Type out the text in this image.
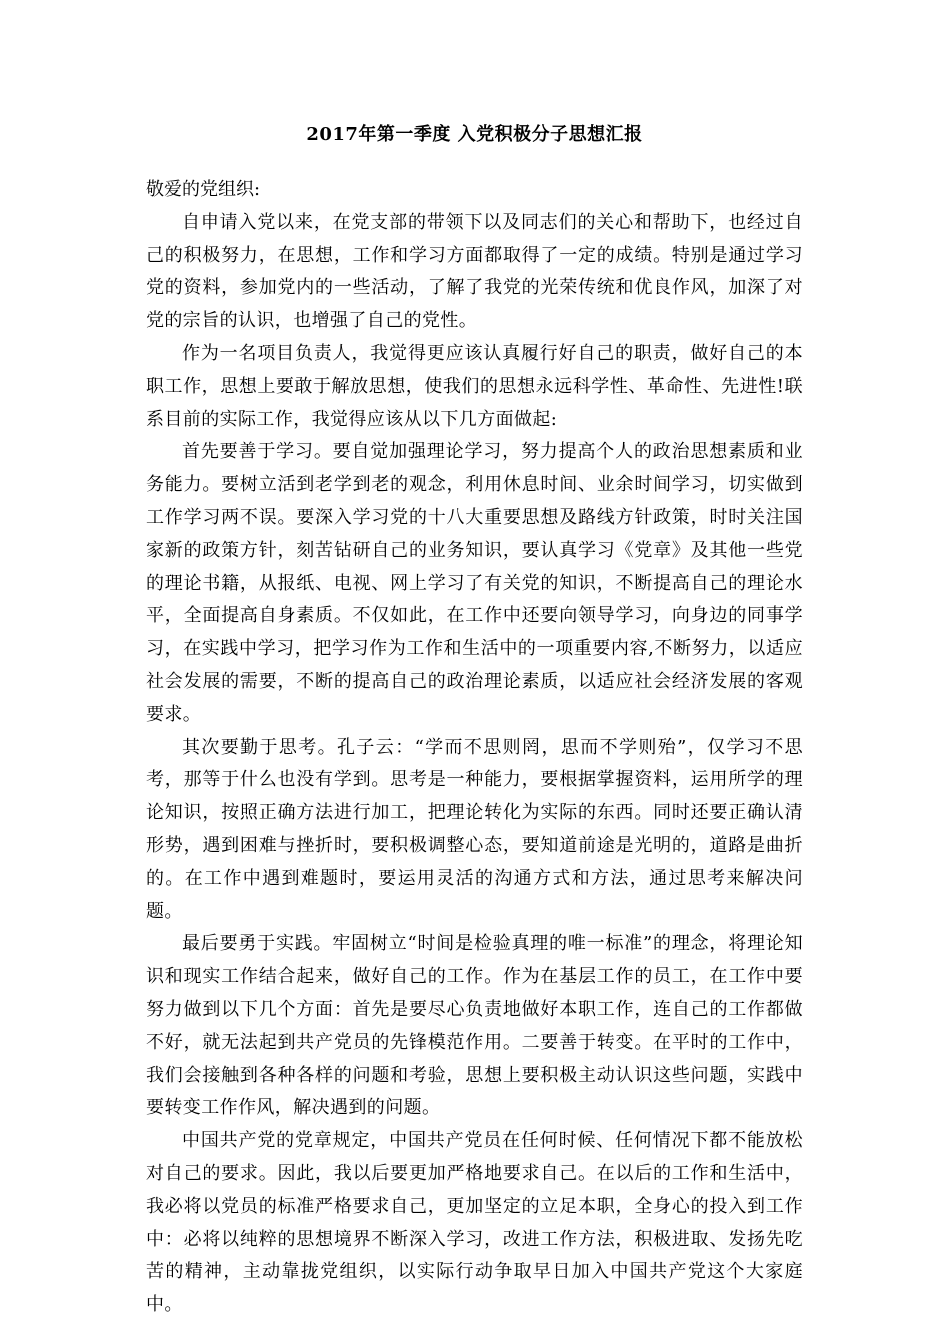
2017年第一季度 入党积极分子思想汇报

敬爱的党组织:

自申请入党以来，在党支部的带领下以及同志们的关心和帮助下，也经过自己的积极努力，在思想，工作和学习方面都取得了一定的成绩。特别是通过学习党的资料，参加党内的一些活动，了解了我党的光荣传统和优良作风，加深了对党的宗旨的认识，也增强了自己的党性。

作为一名项目负责人，我觉得更应该认真履行好自己的职责，做好自己的本职工作，思想上要敢于解放思想，使我们的思想永远科学性、革命性、先进性!联系目前的实际工作，我觉得应该从以下几方面做起:

首先要善于学习。要自觉加强理论学习，努力提高个人的政治思想素质和业务能力。要树立活到老学到老的观念，利用休息时间、业余时间学习，切实做到工作学习两不误。要深入学习党的十八大重要思想及路线方针政策，时时关注国家新的政策方针，刻苦钻研自己的业务知识，要认真学习《党章》及其他一些党的理论书籍，从报纸、电视、网上学习了有关党的知识，不断提高自己的理论水平，全面提高自身素质。不仅如此，在工作中还要向领导学习，向身边的同事学习，在实践中学习，把学习作为工作和生活中的一项重要内容,不断努力，以适应社会发展的需要，不断的提高自己的政治理论素质，以适应社会经济发展的客观要求。

其次要勤于思考。孔子云：“学而不思则罔，思而不学则殆”，仅学习不思考，那等于什么也没有学到。思考是一种能力，要根据掌握资料，运用所学的理论知识，按照正确方法进行加工，把理论转化为实际的东西。同时还要正确认清形势，遇到困难与挫折时，要积极调整心态，要知道前途是光明的，道路是曲折的。在工作中遇到难题时，要运用灵活的沟通方式和方法，通过思考来解决问题。

最后要勇于实践。牢固树立“时间是检验真理的唯一标准”的理念，将理论知识和现实工作结合起来，做好自己的工作。作为在基层工作的员工，在工作中要努力做到以下几个方面：首先是要尽心负责地做好本职工作，连自己的工作都做不好，就无法起到共产党员的先锋模范作用。二要善于转变。在平时的工作中，我们会接触到各种各样的问题和考验，思想上要积极主动认识这些问题，实践中要转变工作作风，解决遇到的问题。

中国共产党的党章规定，中国共产党员在任何时候、任何情况下都不能放松对自己的要求。因此，我以后要更加严格地要求自己。在以后的工作和生活中，我必将以党员的标准严格要求自己，更加坚定的立足本职，全身心的投入到工作中：必将以纯粹的思想境界不断深入学习，改进工作方法，积极进取、发扬先吃苦的精神，主动靠拢党组织，以实际行动争取早日加入中国共产党这个大家庭中。
